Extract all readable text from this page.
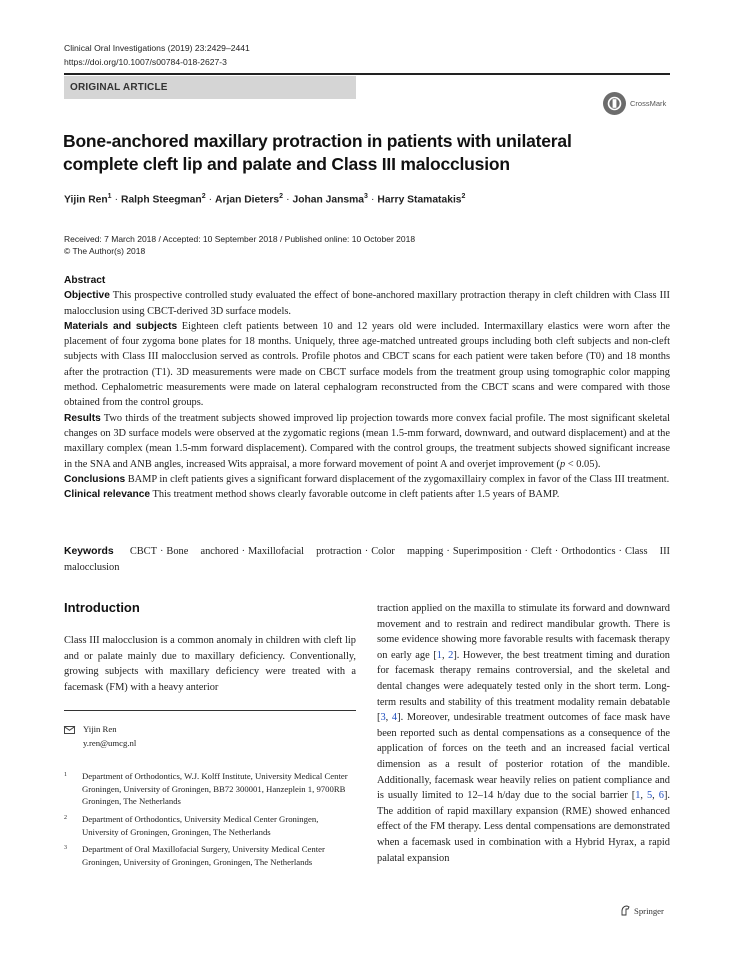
Clinical Oral Investigations (2019) 23:2429–2441
https://doi.org/10.1007/s00784-018-2627-3
ORIGINAL ARTICLE
CrossMark
Bone-anchored maxillary protraction in patients with unilateral
complete cleft lip and palate and Class III malocclusion
Yijin Ren$^1$ · Ralph Steegman$^2$ · Arjan Dieters$^2$ · Johan Jansma$^3$ · Harry Stamatakis$^2$
Received: 7 March 2018 / Accepted: 10 September 2018 / Published online: 10 October 2018
© The Author(s) 2018
Abstract
Objective This prospective controlled study evaluated the effect of bone-anchored maxillary protraction therapy in cleft children with Class III malocclusion using CBCT-derived 3D surface models.
Materials and subjects Eighteen cleft patients between 10 and 12 years old were included. Intermaxillary elastics were worn after the placement of four zygoma bone plates for 18 months. Uniquely, three age-matched untreated groups including both cleft subjects and non-cleft subjects with Class III malocclusion served as controls. Profile photos and CBCT scans for each patient were taken before (T0) and 18 months after the protraction (T1). 3D measurements were made on CBCT surface models from the treatment group using tomographic color mapping method. Cephalometric measurements were made on lateral cephalogram reconstructed from the CBCT scans and were compared with those obtained from the control groups.
Results Two thirds of the treatment subjects showed improved lip projection towards more convex facial profile. The most significant skeletal changes on 3D surface models were observed at the zygomatic regions (mean 1.5-mm forward, downward, and outward displacement) and at the maxillary complex (mean 1.5-mm forward displacement). Compared with the control groups, the treatment subjects showed significant increase in the SNA and ANB angles, increased Wits appraisal, a more forward movement of point A and overjet improvement (p < 0.05).
Conclusions BAMP in cleft patients gives a significant forward displacement of the zygomaxillairy complex in favor of the Class III treatment.
Clinical relevance This treatment method shows clearly favorable outcome in cleft patients after 1.5 years of BAMP.
Keywords CBCT · Bone anchored · Maxillofacial protraction · Color mapping · Superimposition · Cleft · Orthodontics · Class III malocclusion
Introduction
Class III malocclusion is a common anomaly in children with cleft lip and or palate mainly due to maxillary deficiency. Conventionally, growing subjects with maxillary deficiency were treated with a facemask (FM) with a heavy anterior
traction applied on the maxilla to stimulate its forward and downward movement and to restrain and redirect mandibular growth. There is some evidence showing more favorable results with facemask therapy on early age [1, 2]. However, the best treatment timing and duration for facemask therapy remains controversial, and the skeletal and dental changes were adequately tested only in the short term. Long-term results and stability of this treatment modality remain debatable [3, 4]. Moreover, undesirable treatment outcomes of face mask have been reported such as dental compensations as a consequence of the application of forces on the teeth and an increased facial vertical dimension as a result of posterior rotation of the mandible. Additionally, facemask wear heavily relies on patient compliance and is usually limited to 12–14 h/day due to the social barrier [1, 5, 6]. The addition of rapid maxillary expansion (RME) showed enhanced effect of the FM therapy. Less dental compensations are demonstrated when a facemask used in combination with a Hybrid Hyrax, a rapid palatal expansion
Yijin Ren
y.ren@umcg.nl
1	Department of Orthodontics, W.J. Kolff Institute, University Medical Center Groningen, University of Groningen, BB72 300001, Hanzeplein 1, 9700RB Groningen, The Netherlands
2	Department of Orthodontics, University Medical Center Groningen, University of Groningen, Groningen, The Netherlands
3	Department of Oral Maxillofacial Surgery, University Medical Center Groningen, University of Groningen, Groningen, The Netherlands
Springer
